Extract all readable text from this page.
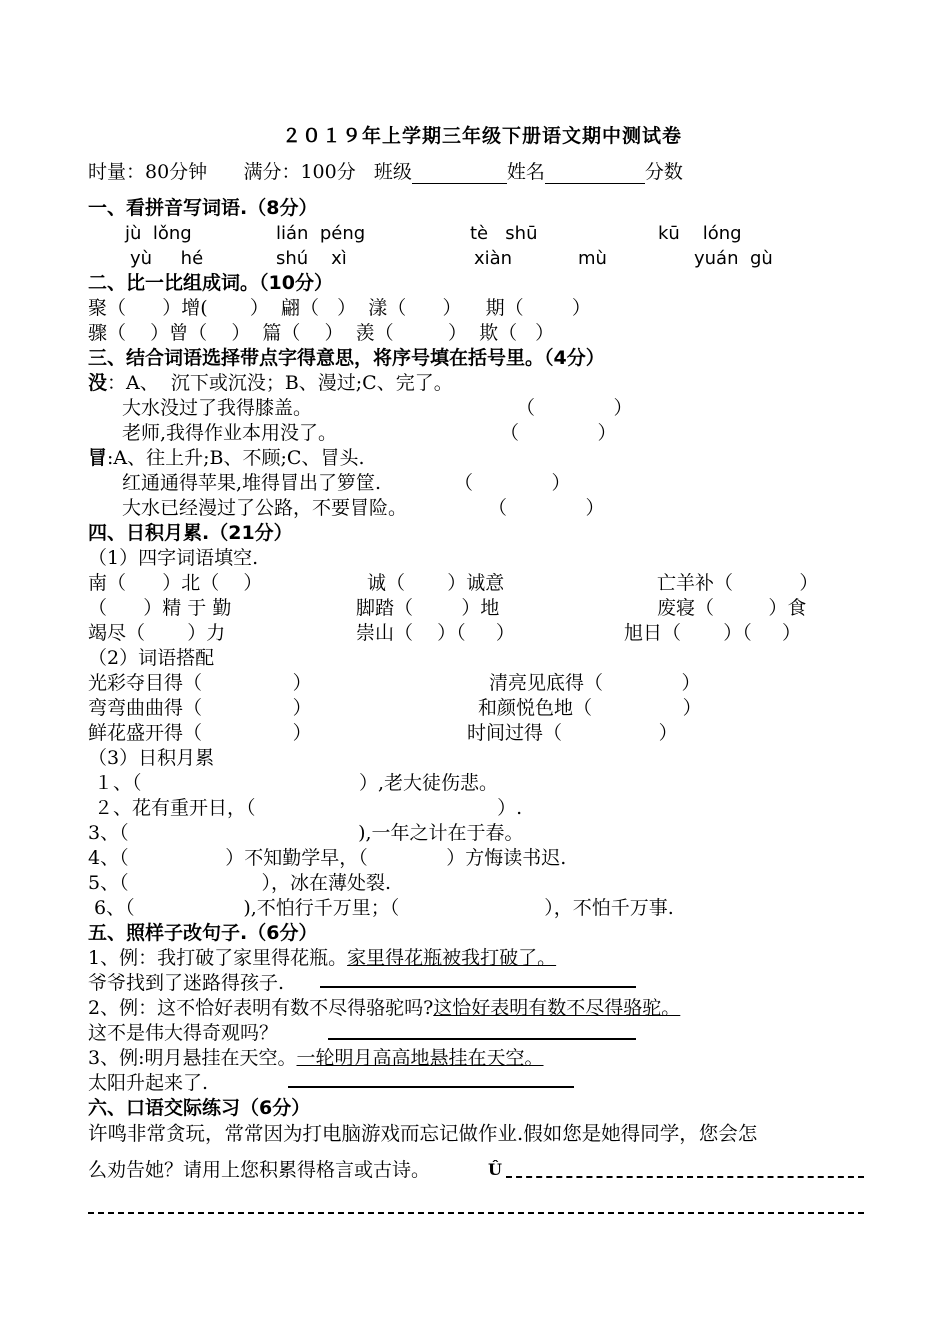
２０１９年上学期三年级下册语文期中测试卷
时量：80分钟 满分：100分 班级	姓名	分数
一、看拼音写词语.（8分）
jù  lǒng	lián  péng	tè   shū	kū    lóng
yù     hé	shú    xì	xiàn	mù	yuán  gù
二、比一比组成词。（10分）
聚（      ）增(       ）  翩（   ）  漾（      ）    期（        ）
骤（    ）曾（    ）  篇（    ）  羡（         ）  欺（   ）
三、结合词语选择带点字得意思，将序号填在括号里。（4分）
没：A、  沉下或沉没；B、漫过;C、完了。
大水没过了我得膝盖。	（             ）
老师,我得作业本用没了。	（             ）
冒:A、往上升;B、不顾;C、冒头.
红通通得苹果,堆得冒出了箩筐.	（             ）
大水已经漫过了公路，不要冒险。	（             ）
四、日积月累.（21分）
（1）四字词语填空.
南（      ）北（    ）	诚（       ）诚意	亡羊补（           ）
（      ）精 于 勤	脚踏（        ）地	废寝（         ）食
竭尽（       ）力	崇山（    ）（     ）	旭日（       ）（     ）
（2）词语搭配
光彩夺目得（               ）	清亮见底得（             ）
弯弯曲曲得（               ）	和颜悦色地（               ）
鲜花盛开得（               ）	时间过得（                ）
（3）日积月累
１、（                                    ）,老大徒伤悲。
２、花有重开日，（                                        ）.
3、（                                      ),一年之计在于春。
4、（                ）不知勤学早，（             ）方悔读书迟.
5、（                      ），冰在薄处裂.
6、（                  ),不怕行千万里；（                        ），不怕千万事.
五、照样子改句子.（6分）
1、例：我打破了家里得花瓶。家里得花瓶被我打破了。
爷爷找到了迷路得孩子.
2、例：这不恰好表明有数不尽得骆驼吗?这恰好表明有数不尽得骆驼。
这不是伟大得奇观吗？
3、例:明月悬挂在天空。一轮明月高高地悬挂在天空。
太阳升起来了.
六、口语交际练习（6分）
许鸣非常贪玩，常常因为打电脑游戏而忘记做作业.假如您是她得同学，您会怎
么劝告她？请用上您积累得格言或古诗。	Û
